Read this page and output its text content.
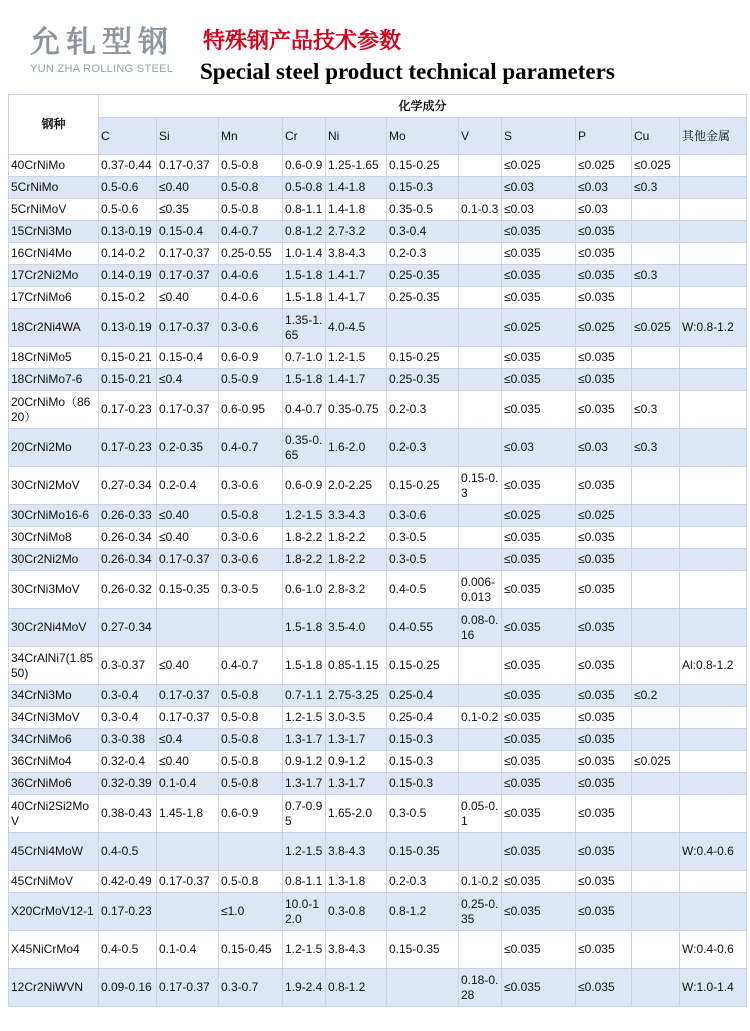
允轧型钢
YUN ZHA ROLLING STEEL
特殊钢产品技术参数
Special steel product technical parameters
钢种	化学成分										
	C	Si	Mn	Cr	Ni	Mo	V	S	P	Cu	其他金属
40CrNiMo	0.37-0.44	0.17-0.37	0.5-0.8	0.6-0.9	1.25-1.65	0.15-0.25		≤0.025	≤0.025	≤0.025	
5CrNiMo	0.5-0.6	≤0.40	0.5-0.8	0.5-0.8	1.4-1.8	0.15-0.3		≤0.03	≤0.03	≤0.3	
5CrNiMoV	0.5-0.6	≤0.35	0.5-0.8	0.8-1.1	1.4-1.8	0.35-0.5	0.1-0.3	≤0.03	≤0.03		
15CrNi3Mo	0.13-0.19	0.15-0.4	0.4-0.7	0.8-1.2	2.7-3.2	0.3-0.4		≤0.035	≤0.035		
16CrNi4Mo	0.14-0.2	0.17-0.37	0.25-0.55	1.0-1.4	3.8-4.3	0.2-0.3		≤0.035	≤0.035		
17Cr2Ni2Mo	0.14-0.19	0.17-0.37	0.4-0.6	1.5-1.8	1.4-1.7	0.25-0.35		≤0.035	≤0.035	≤0.3	
17CrNiMo6	0.15-0.2	≤0.40	0.4-0.6	1.5-1.8	1.4-1.7	0.25-0.35		≤0.035	≤0.035		
18Cr2Ni4WA	0.13-0.19	0.17-0.37	0.3-0.6	1.35-1.65	4.0-4.5			≤0.025	≤0.025	≤0.025	W:0.8-1.2
18CrNiMo5	0.15-0.21	0.15-0.4	0.6-0.9	0.7-1.0	1.2-1.5	0.15-0.25		≤0.035	≤0.035		
18CrNiMo7-6	0.15-0.21	≤0.4	0.5-0.9	1.5-1.8	1.4-1.7	0.25-0.35		≤0.035	≤0.035		
20CrNiMo（8620）	0.17-0.23	0.17-0.37	0.6-0.95	0.4-0.7	0.35-0.75	0.2-0.3		≤0.035	≤0.035	≤0.3	
20CrNi2Mo	0.17-0.23	0.2-0.35	0.4-0.7	0.35-0.65	1.6-2.0	0.2-0.3		≤0.03	≤0.03	≤0.3	
30CrNi2MoV	0.27-0.34	0.2-0.4	0.3-0.6	0.6-0.9	2.0-2.25	0.15-0.25	0.15-0.3	≤0.035	≤0.035		
30CrNiMo16-6	0.26-0.33	≤0.40	0.5-0.8	1.2-1.5	3.3-4.3	0.3-0.6		≤0.025	≤0.025		
30CrNiMo8	0.26-0.34	≤0.40	0.3-0.6	1.8-2.2	1.8-2.2	0.3-0.5		≤0.035	≤0.035		
30Cr2Ni2Mo	0.26-0.34	0.17-0.37	0.3-0.6	1.8-2.2	1.8-2.2	0.3-0.5		≤0.035	≤0.035		
30CrNi3MoV	0.26-0.32	0.15-0.35	0.3-0.5	0.6-1.0	2.8-3.2	0.4-0.5	0.006-0.013	≤0.035	≤0.035		
30Cr2Ni4MoV	0.27-0.34			1.5-1.8	3.5-4.0	0.4-0.55	0.08-0.16	≤0.035	≤0.035		
34CrAlNi7(1.8550)	0.3-0.37	≤0.40	0.4-0.7	1.5-1.8	0.85-1.15	0.15-0.25		≤0.035	≤0.035		Al:0.8-1.2
34CrNi3Mo	0.3-0.4	0.17-0.37	0.5-0.8	0.7-1.1	2.75-3.25	0.25-0.4		≤0.035	≤0.035	≤0.2	
34CrNi3MoV	0.3-0.4	0.17-0.37	0.5-0.8	1.2-1.5	3.0-3.5	0.25-0.4	0.1-0.2	≤0.035	≤0.035		
34CrNiMo6	0.3-0.38	≤0.4	0.5-0.8	1.3-1.7	1.3-1.7	0.15-0.3		≤0.035	≤0.035		
36CrNiMo4	0.32-0.4	≤0.40	0.5-0.8	0.9-1.2	0.9-1.2	0.15-0.3		≤0.035	≤0.035	≤0.025	
36CrNiMo6	0.32-0.39	0.1-0.4	0.5-0.8	1.3-1.7	1.3-1.7	0.15-0.3		≤0.035	≤0.035		
40CrNi2Si2MoV	0.38-0.43	1.45-1.8	0.6-0.9	0.7-0.95	1.65-2.0	0.3-0.5	0.05-0.1	≤0.035	≤0.035		
45CrNi4MoW	0.4-0.5			1.2-1.5	3.8-4.3	0.15-0.35		≤0.035	≤0.035		W:0.4-0.6
45CrNiMoV	0.42-0.49	0.17-0.37	0.5-0.8	0.8-1.1	1.3-1.8	0.2-0.3	0.1-0.2	≤0.035	≤0.035		
X20CrMoV12-1	0.17-0.23		≤1.0	10.0-12.0	0.3-0.8	0.8-1.2	0.25-0.35	≤0.035	≤0.035		
X45NiCrMo4	0.4-0.5	0.1-0.4	0.15-0.45	1.2-1.5	3.8-4.3	0.15-0.35		≤0.035	≤0.035		W:0.4-0.6
12Cr2NiWVN	0.09-0.16	0.17-0.37	0.3-0.7	1.9-2.4	0.8-1.2		0.18-0.28	≤0.035	≤0.035		W:1.0-1.4
